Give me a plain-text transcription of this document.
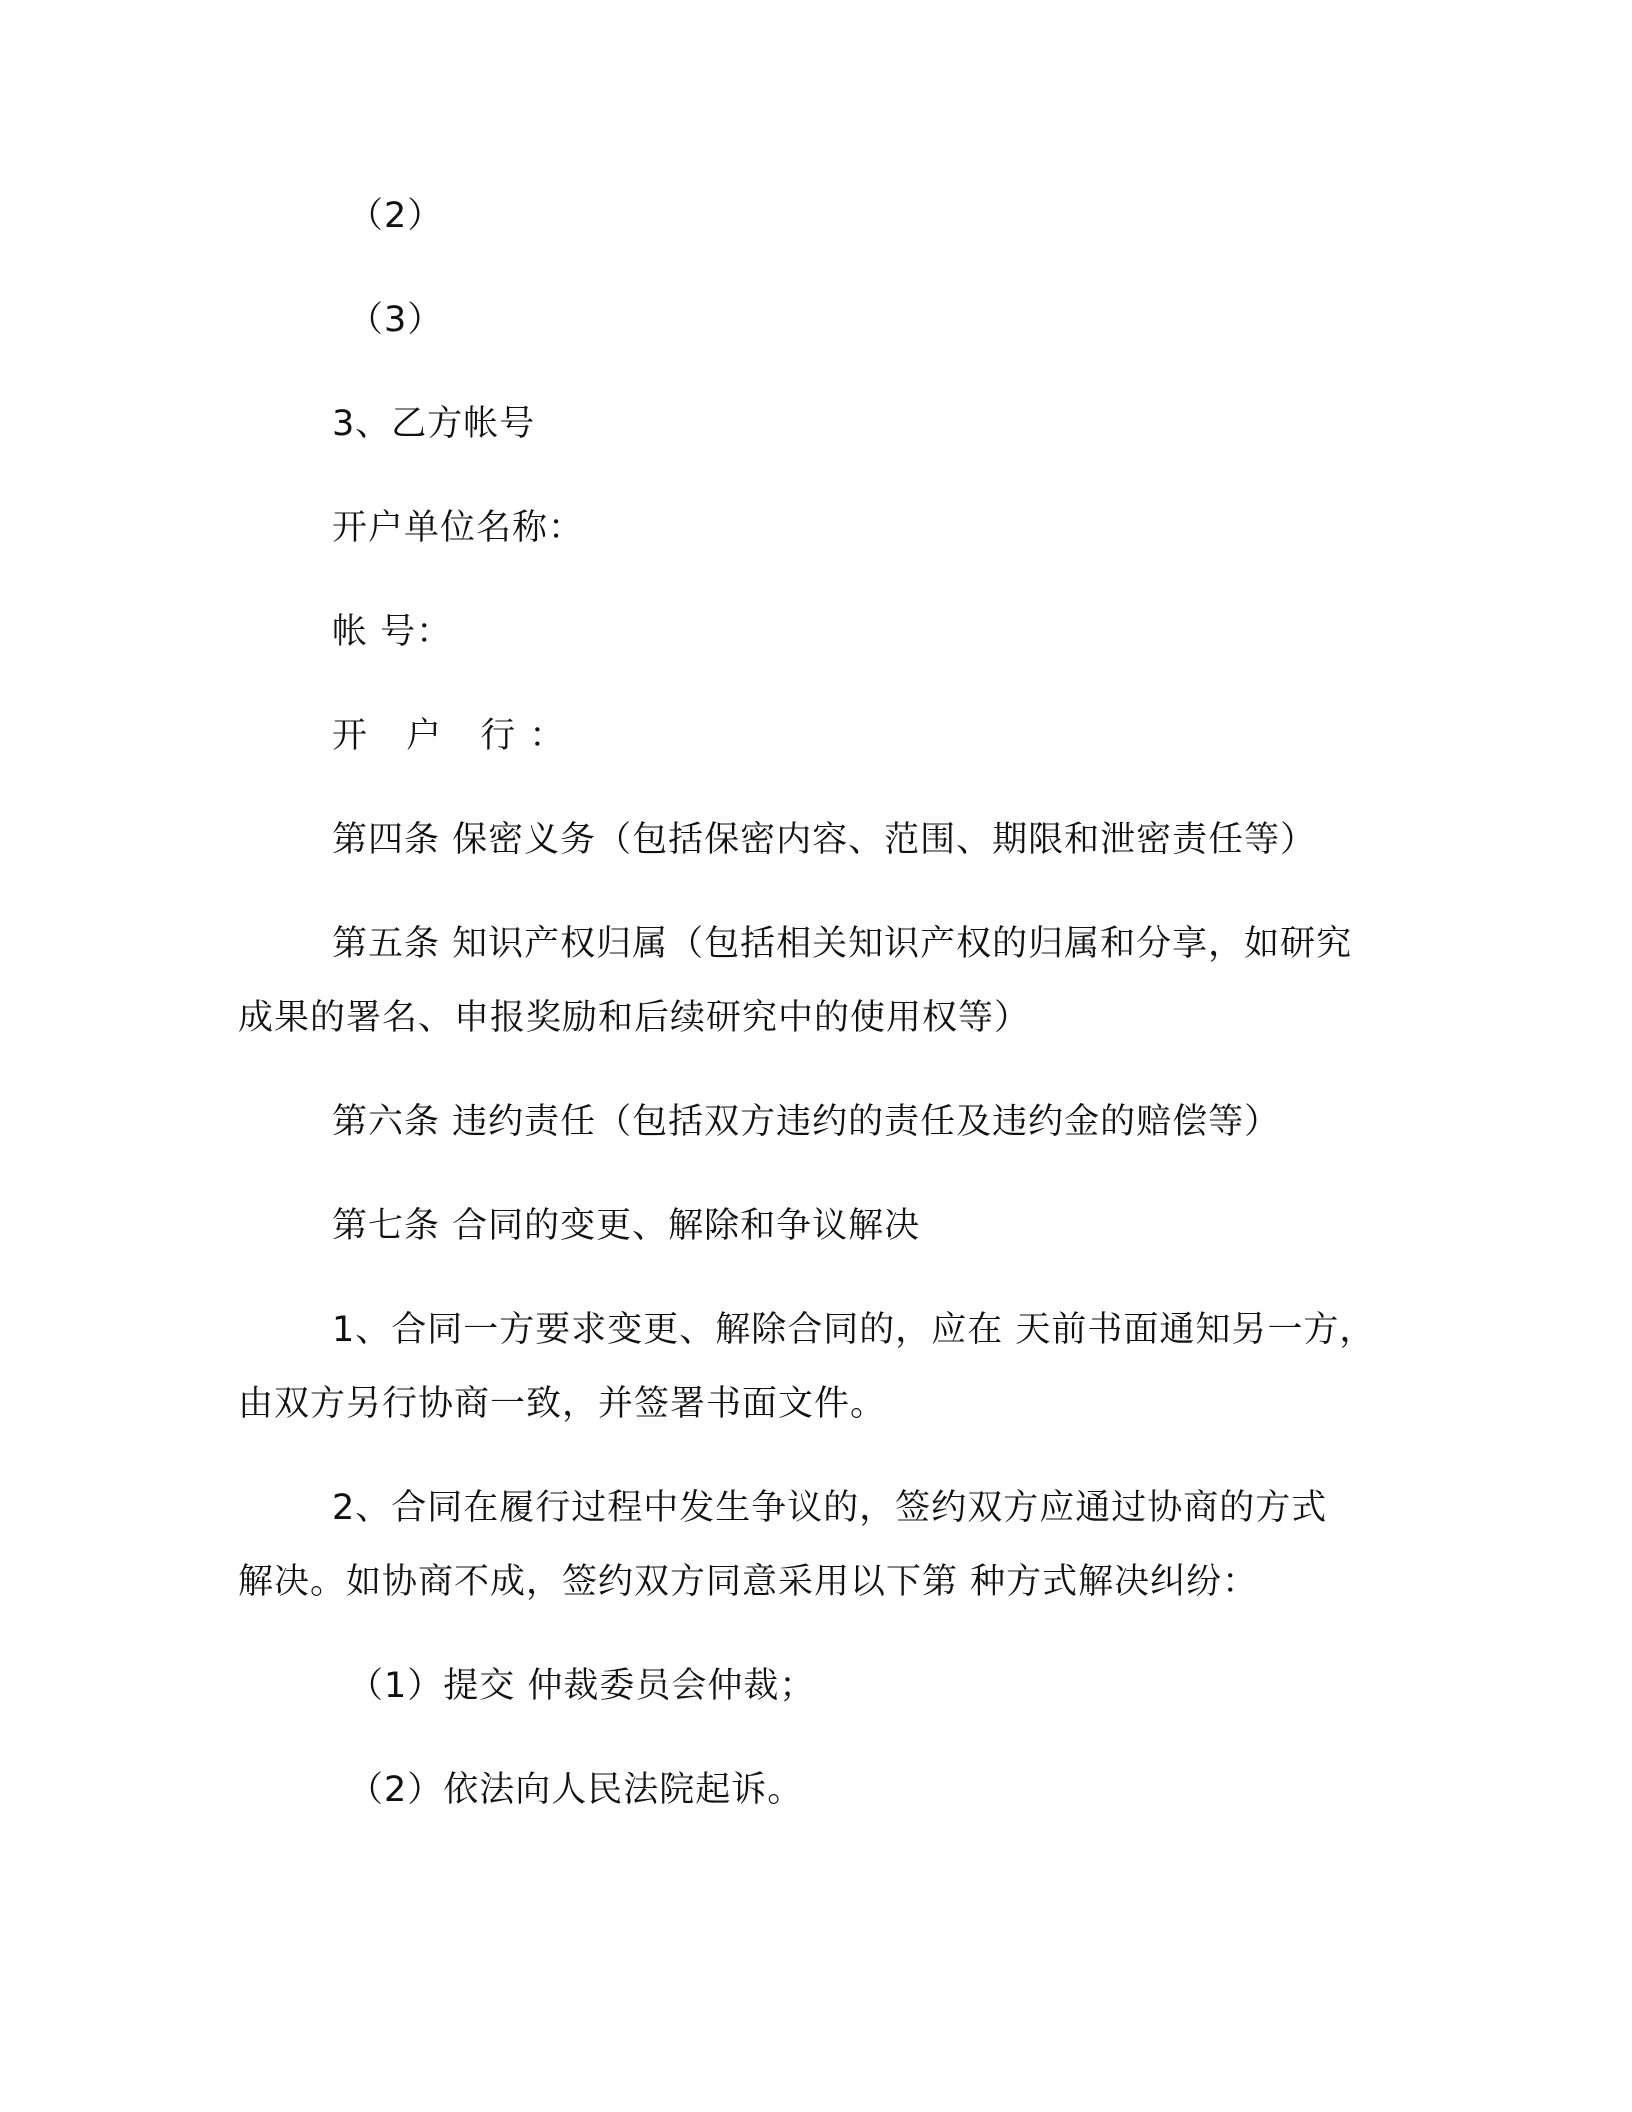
（2）
（3）
3、乙方帐号
开户单位名称：
帐 号：
开 户 行：
第四条 保密义务（包括保密内容、范围、期限和泄密责任等）
第五条 知识产权归属（包括相关知识产权的归属和分享，如研究
成果的署名、申报奖励和后续研究中的使用权等）
第六条 违约责任（包括双方违约的责任及违约金的赔偿等）
第七条 合同的变更、解除和争议解决
1、合同一方要求变更、解除合同的，应在 天前书面通知另一方，
由双方另行协商一致，并签署书面文件。
2、合同在履行过程中发生争议的，签约双方应通过协商的方式
解决。如协商不成，签约双方同意采用以下第 种方式解决纠纷：
（1）提交 仲裁委员会仲裁；
（2）依法向人民法院起诉。
